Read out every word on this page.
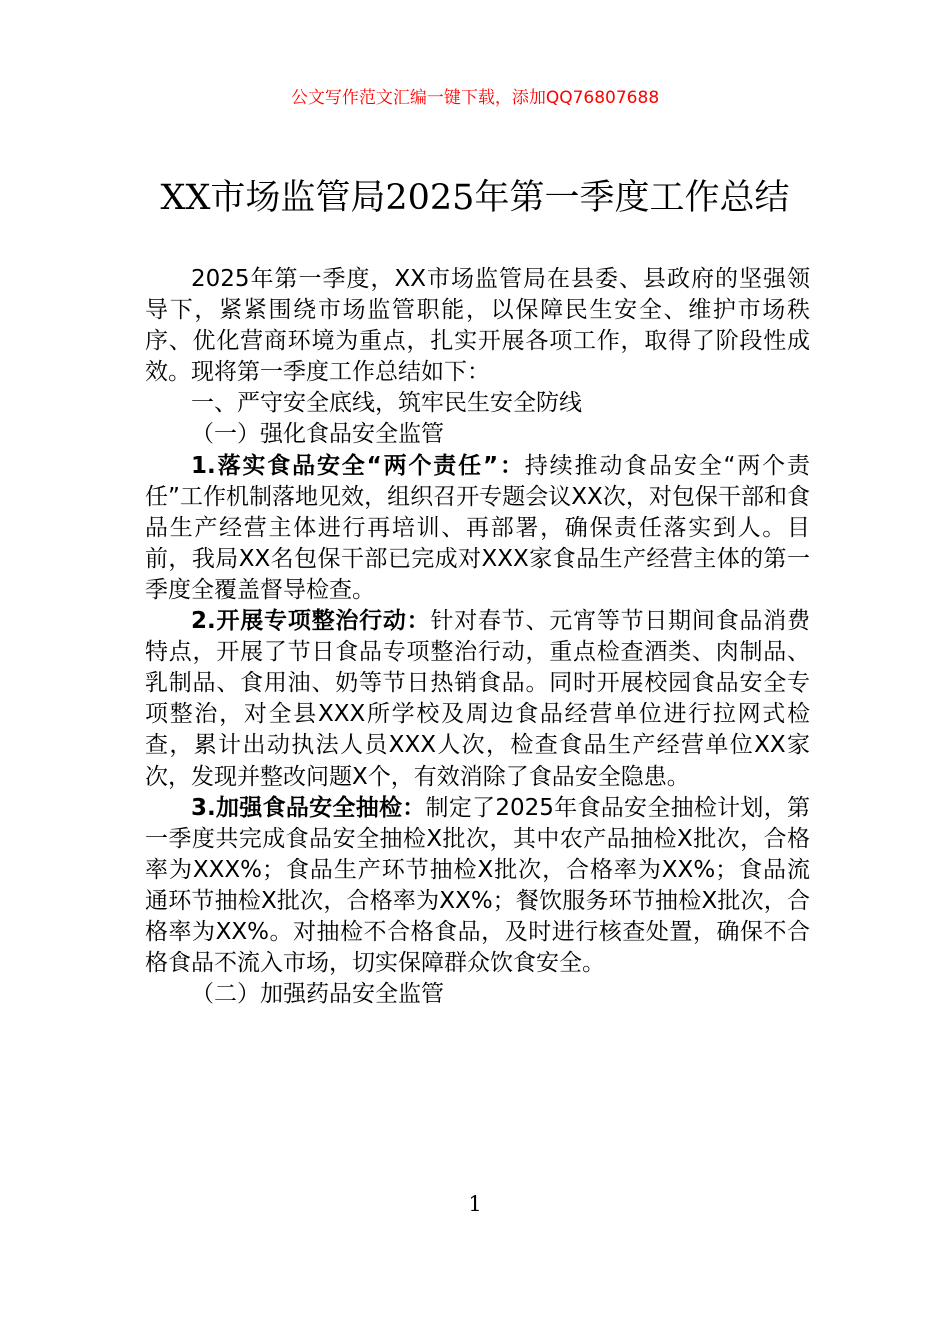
公文写作范文汇编一键下载，添加QQ76807688
XX市场监管局2025年第一季度工作总结

2025年第一季度，XX市场监管局在县委、县政府的坚强领导下，紧紧围绕市场监管职能，以保障民生安全、维护市场秩序、优化营商环境为重点，扎实开展各项工作，取得了阶段性成效。现将第一季度工作总结如下：

一、严守安全底线，筑牢民生安全防线

（一）强化食品安全监管

1.落实食品安全“两个责任”：持续推动食品安全“两个责任”工作机制落地见效，组织召开专题会议XX次，对包保干部和食品生产经营主体进行再培训、再部署，确保责任落实到人。目前，我局XX名包保干部已完成对XXX家食品生产经营主体的第一季度全覆盖督导检查。

2.开展专项整治行动：针对春节、元宵等节日期间食品消费特点，开展了节日食品专项整治行动，重点检查酒类、肉制品、乳制品、食用油、奶等节日热销食品。同时开展校园食品安全专项整治，对全县XXX所学校及周边食品经营单位进行拉网式检查，累计出动执法人员XXX人次，检查食品生产经营单位XX家次，发现并整改问题X个，有效消除了食品安全隐患。

3.加强食品安全抽检：制定了2025年食品安全抽检计划，第一季度共完成食品安全抽检X批次，其中农产品抽检X批次，合格率为XXX%；食品生产环节抽检X批次，合格率为XX%；食品流通环节抽检X批次，合格率为XX%；餐饮服务环节抽检X批次，合格率为XX%。对抽检不合格食品，及时进行核查处置，确保不合格食品不流入市场，切实保障群众饮食安全。

（二）加强药品安全监管

1
